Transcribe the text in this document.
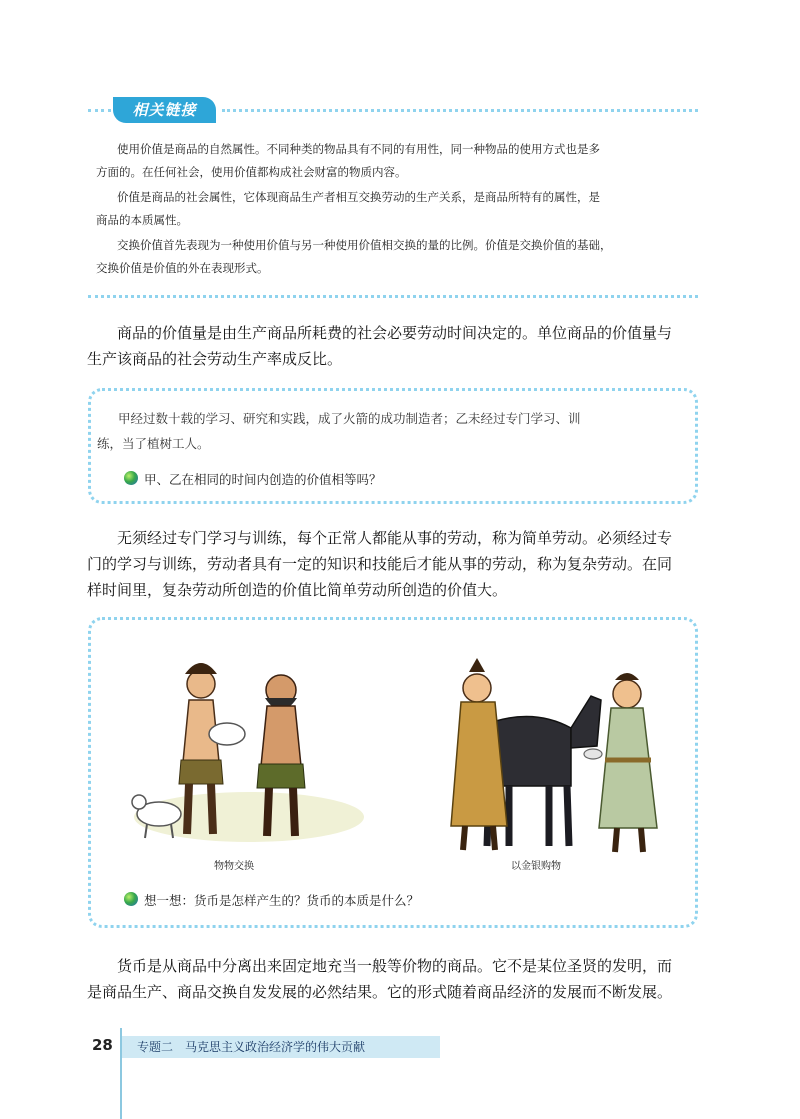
相关链接

使用价值是商品的自然属性。不同种类的物品具有不同的有用性，同一种物品的使用方式也是多

方面的。在任何社会，使用价值都构成社会财富的物质内容。

价值是商品的社会属性，它体现商品生产者相互交换劳动的生产关系，是商品所特有的属性，是

商品的本质属性。

交换价值首先表现为一种使用价值与另一种使用价值相交换的量的比例。价值是交换价值的基础，

交换价值是价值的外在表现形式。

商品的价值量是由生产商品所耗费的社会必要劳动时间决定的。单位商品的价值量与

生产该商品的社会劳动生产率成反比。

甲经过数十载的学习、研究和实践，成了火箭的成功制造者；乙未经过专门学习、训

练，当了植树工人。

甲、乙在相同的时间内创造的价值相等吗？

无须经过专门学习与训练，每个正常人都能从事的劳动，称为简单劳动。必须经过专

门的学习与训练，劳动者具有一定的知识和技能后才能从事的劳动，称为复杂劳动。在同

样时间里，复杂劳动所创造的价值比简单劳动所创造的价值大。

物物交换	以金银购物

想一想：货币是怎样产生的？货币的本质是什么？

货币是从商品中分离出来固定地充当一般等价物的商品。它不是某位圣贤的发明，而

是商品生产、商品交换自发发展的必然结果。它的形式随着商品经济的发展而不断发展。

28 专题二　马克思主义政治经济学的伟大贡献
